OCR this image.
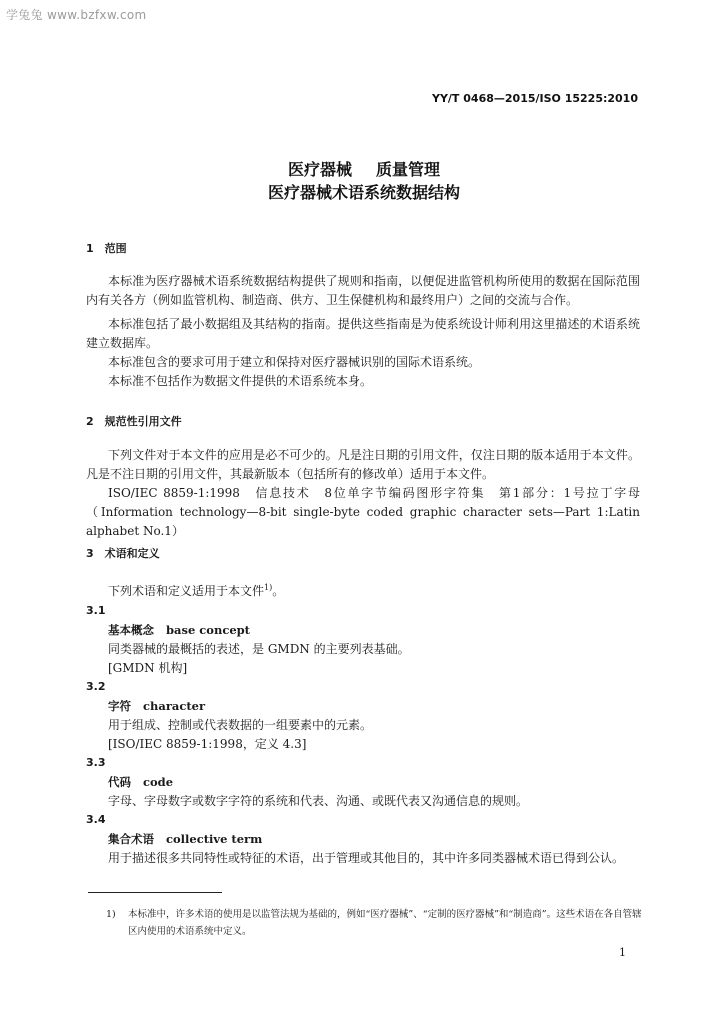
学兔兔 www.bzfxw.com
YY/T 0468—2015/ISO 15225:2010
医疗器械 质量管理
医疗器械术语系统数据结构
1　范围
本标准为医疗器械术语系统数据结构提供了规则和指南，以便促进监管机构所使用的数据在国际范围内有关各方（例如监管机构、制造商、供方、卫生保健机构和最终用户）之间的交流与合作。
本标准包括了最小数据组及其结构的指南。提供这些指南是为使系统设计师利用这里描述的术语系统建立数据库。
本标准包含的要求可用于建立和保持对医疗器械识别的国际术语系统。
本标准不包括作为数据文件提供的术语系统本身。
2　规范性引用文件
下列文件对于本文件的应用是必不可少的。凡是注日期的引用文件，仅注日期的版本适用于本文件。凡是不注日期的引用文件，其最新版本（包括所有的修改单）适用于本文件。
ISO/IEC 8859-1:1998　信息技术　8位单字节编码图形字符集　第1部分：1号拉丁字母（Information technology—8-bit single-byte coded graphic character sets—Part 1:Latin alphabet No.1）
3　术语和定义
下列术语和定义适用于本文件$^{1)}$。
3.1
基本概念 base concept
同类器械的最概括的表述，是 GMDN 的主要列表基础。
[GMDN 机构]
3.2
字符 character
用于组成、控制或代表数据的一组要素中的元素。
[ISO/IEC 8859-1:1998，定义 4.3]
3.3
代码 code
字母、字母数字或数字字符的系统和代表、沟通、或既代表又沟通信息的规则。
3.4
集合术语 collective term
用于描述很多共同特性或特征的术语，出于管理或其他目的，其中许多同类器械术语已得到公认。
1)	本标准中，许多术语的使用是以监管法规为基础的，例如“医疗器械”、“定制的医疗器械”和“制造商”。这些术语在各自管辖区内使用的术语系统中定义。
1
